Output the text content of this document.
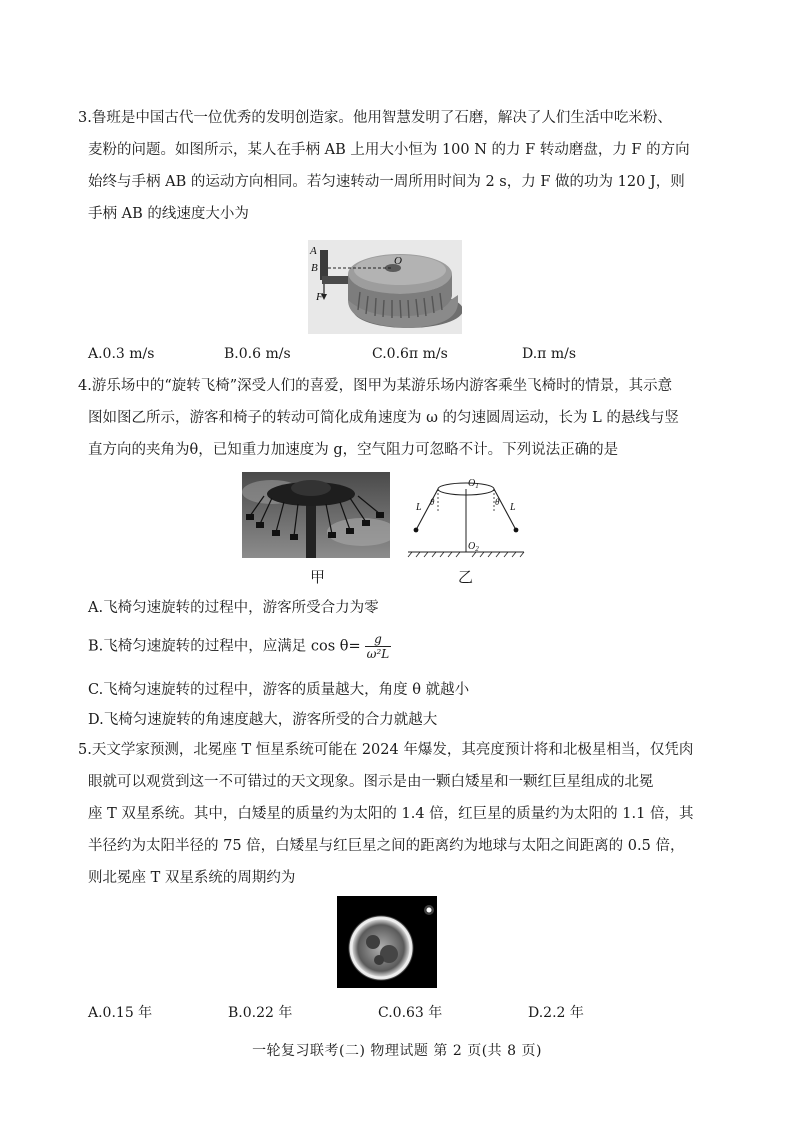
3.鲁班是中国古代一位优秀的发明创造家。他用智慧发明了石磨，解决了人们生活中吃米粉、
麦粉的问题。如图所示，某人在手柄 AB 上用大小恒为 100 N 的力 F 转动磨盘，力 F 的方向
始终与手柄 AB 的运动方向相同。若匀速转动一周所用时间为 2 s，力 F 做的功为 120 J，则
手柄 AB 的线速度大小为
A
B
F
O
A.0.3 m/s	B.0.6 m/s	C.0.6π m/s	D.π m/s
4.游乐场中的“旋转飞椅”深受人们的喜爱，图甲为某游乐场内游客乘坐飞椅时的情景，其示意
图如图乙所示，游客和椅子的转动可简化成角速度为 ω 的匀速圆周运动，长为 L 的悬线与竖
直方向的夹角为θ，已知重力加速度为 g，空气阻力可忽略不计。下列说法正确的是
甲
$O_1$
$O_2$
L	L
θ	θ
乙
A.飞椅匀速旋转的过程中，游客所受合力为零
B.飞椅匀速旋转的过程中，应满足 $\cos \theta= \frac{g}{\text{ω²L}}$
C.飞椅匀速旋转的过程中，游客的质量越大，角度 θ 就越小
D.飞椅匀速旋转的角速度越大，游客所受的合力就越大
5.天文学家预测，北冕座 T 恒星系统可能在 2024 年爆发，其亮度预计将和北极星相当，仅凭肉
眼就可以观赏到这一不可错过的天文现象。图示是由一颗白矮星和一颗红巨星组成的北冕
座 T 双星系统。其中，白矮星的质量约为太阳的 1.4 倍，红巨星的质量约为太阳的 1.1 倍，其
半径约为太阳半径的 75 倍，白矮星与红巨星之间的距离约为地球与太阳之间距离的 0.5 倍，
则北冕座 T 双星系统的周期约为
A.0.15 年	B.0.22 年	C.0.63 年	D.2.2 年
一轮复习联考(二) 物理试题 第 2 页(共 8 页)
